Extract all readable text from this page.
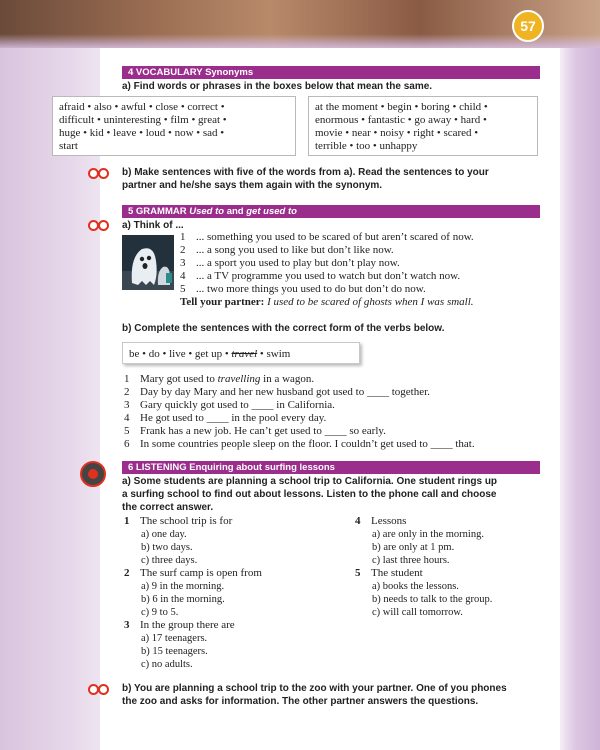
57
4 VOCABULARY Synonyms
a) Find words or phrases in the boxes below that mean the same.
afraid • also • awful • close • correct •
difficult • uninteresting • film • great •
huge • kid • leave • loud • now • sad •
start
at the moment • begin • boring • child •
enormous • fantastic • go away • hard •
movie • near • noisy • right • scared •
terrible • too • unhappy
b) Make sentences with five of the words from a). Read the sentences to your
partner and he/she says them again with the synonym.
5 GRAMMAR Used to and get used to
a) Think of ...
1 ... something you used to be scared of but aren’t scared of now.
2 ... a song you used to like but don’t like now.
3 ... a sport you used to play but don’t play now.
4 ... a TV programme you used to watch but don’t watch now.
5 ... two more things you used to do but don’t do now.
Tell your partner: I used to be scared of ghosts when I was small.
b) Complete the sentences with the correct form of the verbs below.
be • do • live • get up • travel • swim
1 Mary got used to travelling in a wagon.
2 Day by day Mary and her new husband got used to ____ together.
3 Gary quickly got used to ____ in California.
4 He got used to ____ in the pool every day.
5 Frank has a new job. He can’t get used to ____ so early.
6 In some countries people sleep on the floor. I couldn’t get used to ____ that.
6 LISTENING Enquiring about surfing lessons
a) Some students are planning a school trip to California. One student rings up
a surfing school to find out about lessons. Listen to the phone call and choose
the correct answer.
1 The school trip is for
a) one day.
b) two days.
c) three days.
2 The surf camp is open from
a) 9 in the morning.
b) 6 in the morning.
c) 9 to 5.
3 In the group there are
a) 17 teenagers.
b) 15 teenagers.
c) no adults.
4 Lessons
a) are only in the morning.
b) are only at 1 pm.
c) last three hours.
5 The student
a) books the lessons.
b) needs to talk to the group.
c) will call tomorrow.
b) You are planning a school trip to the zoo with your partner. One of you phones
the zoo and asks for information. The other partner answers the questions.
